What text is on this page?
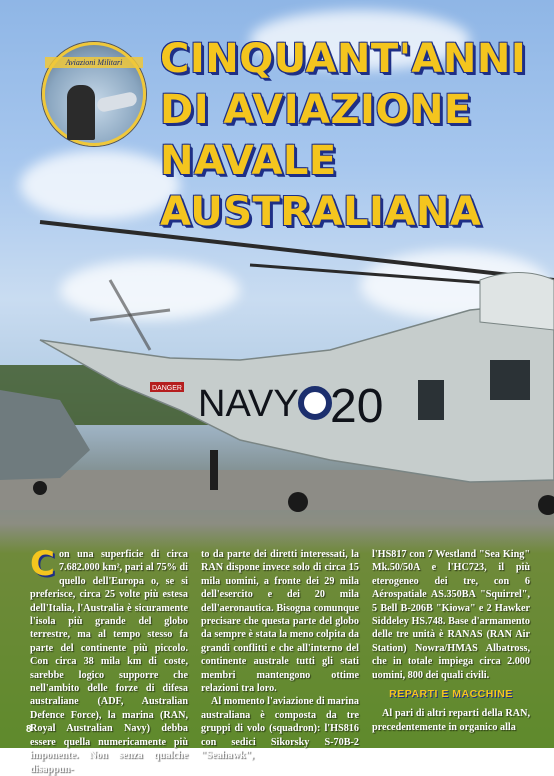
Aviazioni Militari CINQUANT'ANNI
DI AVIAZIONE
NAVALE
AUSTRALIANA
NAVY 20
DANGER
C on una superficie di circa 7.682.000 km², pari al 75% di quello dell'Europa o, se si preferisce, circa 25 volte più estesa dell'Italia, l'Australia è sicuramente l'isola più grande del globo terrestre, ma al tempo stesso fa parte del continente più piccolo. Con circa 38 mila km di coste, sarebbe logico supporre che nell'ambito delle forze di difesa australiane (ADF, Australian Defence Force), la marina (RAN, Royal Australian Navy) debba essere quella numericamente più imponente. Non senza qualche disappun-

to da parte dei diretti interessati, la RAN dispone invece solo di circa 15 mila uomini, a fronte dei 29 mila dell'esercito e dei 20 mila dell'aeronautica. Bisogna comunque precisare che questa parte del globo da sempre è stata la meno colpita da grandi conflitti e che all'interno del continente australe tutti gli stati membri mantengono ottime relazioni tra loro.

Al momento l'aviazione di marina australiana è composta da tre gruppi di volo (squadron): l'HS816 con sedici Sikorsky S-70B-2 "Seahawk",

l'HS817 con 7 Westland "Sea King" Mk.50/50A e l'HC723, il più eterogeneo dei tre, con 6 Aérospatiale AS.350BA "Squirrel", 5 Bell B-206B "Kiowa" e 2 Hawker Siddeley HS.748. Base d'armamento delle tre unità è RANAS (RAN Air Station) Nowra/HMAS Albatross, che in totale impiega circa 2.000 uomini, 800 dei quali civili.

REPARTI E MACCHINE

Al pari di altri reparti della RAN, precedentemente in organico alla

8
